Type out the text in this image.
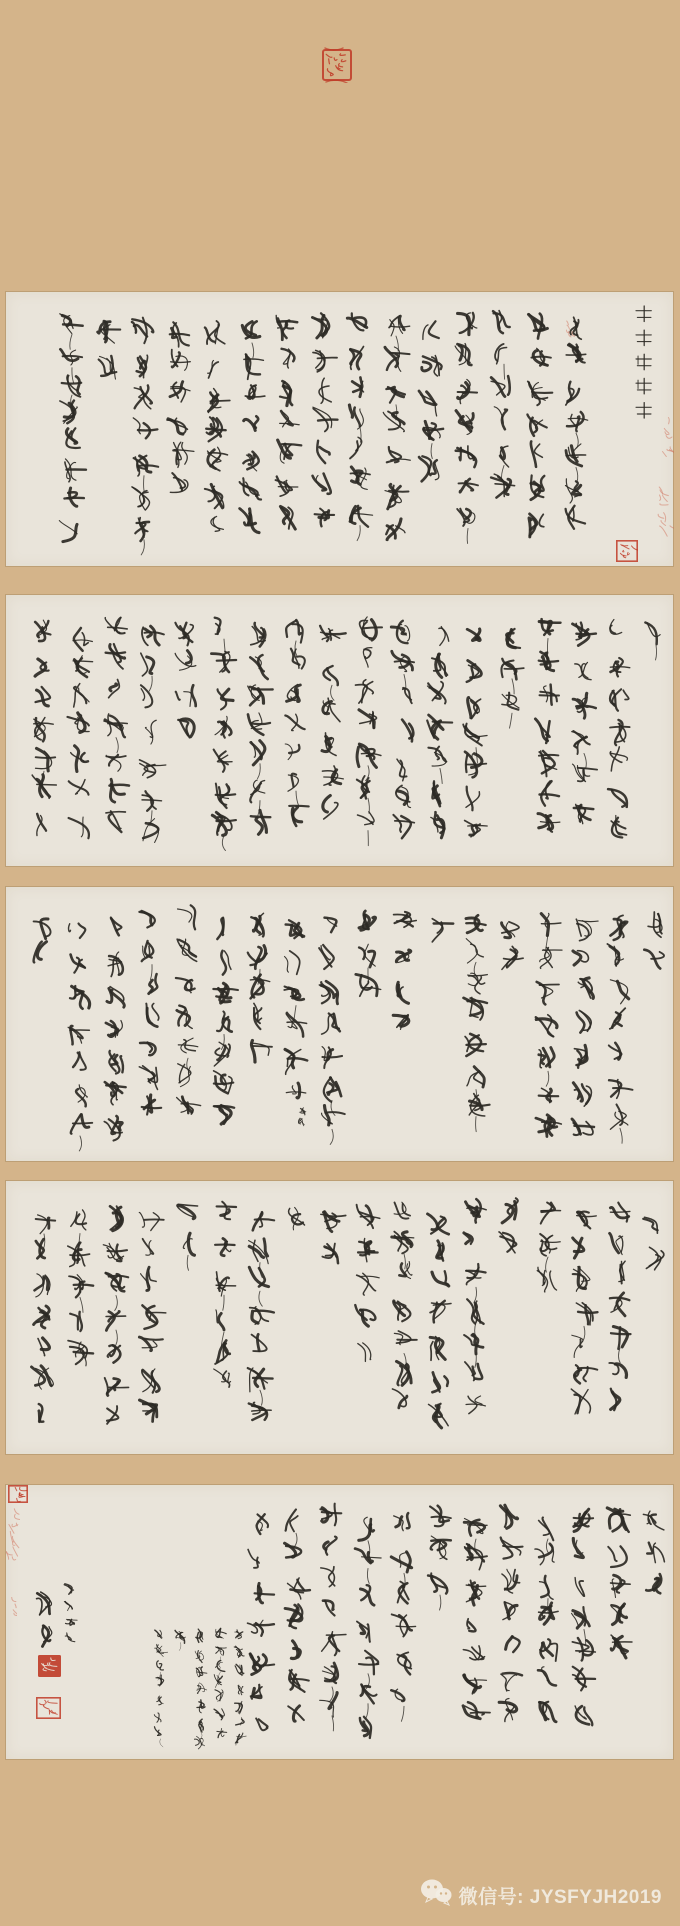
微信号: JYSFYJH2019
